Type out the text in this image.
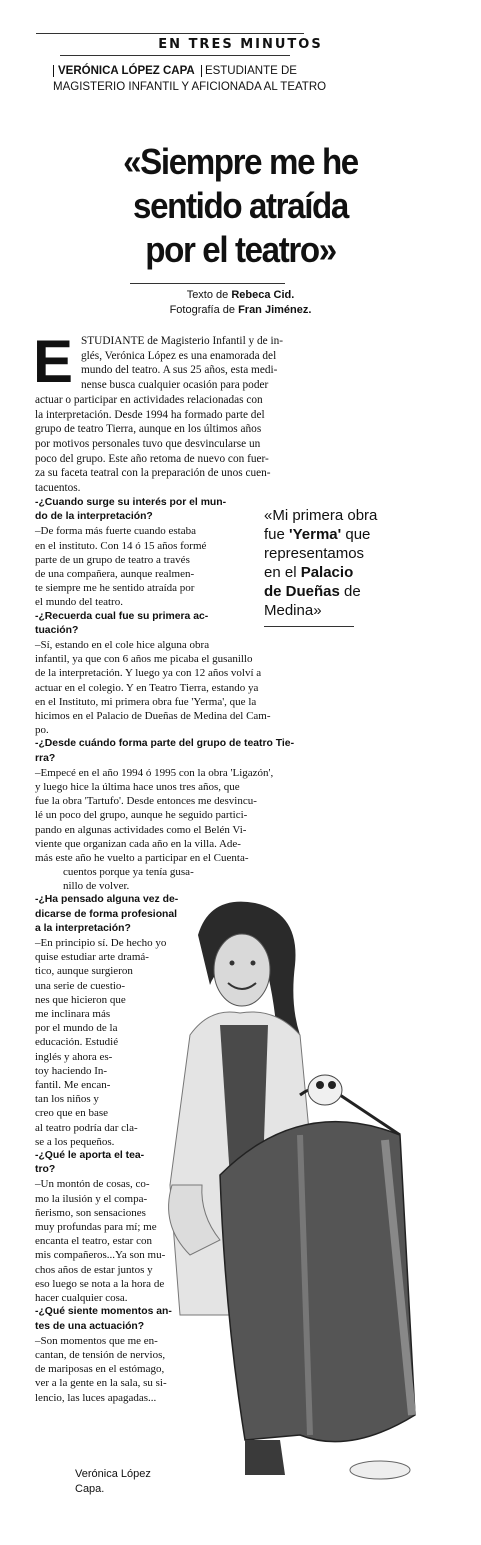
EN TRES MINUTOS
VERÓNICA LÓPEZ CAPA ESTUDIANTE DE
MAGISTERIO INFANTIL Y AFICIONADA AL TEATRO
«Siempre me he
sentido atraída
por el teatro»
Texto de Rebeca Cid.
Fotografía de Fran Jiménez.
E STUDIANTE de Magisterio Infantil y de in-
glés, Verónica López es una enamorada del
mundo del teatro. A sus 25 años, esta medi-
nense busca cualquier ocasión para poder
actuar o participar en actividades relacionadas con
la interpretación. Desde 1994 ha formado parte del
grupo de teatro Tierra, aunque en los últimos años
por motivos personales tuvo que desvincularse un
poco del grupo. Este año retoma de nuevo con fuer-
za su faceta teatral con la preparación de unos cuen-
tacuentos.
«Mi primera obra
fue 'Yerma' que
representamos
en el Palacio
de Dueñas de
Medina»
-¿Cuando surge su interés por el mun-
do de la interpretación?
–De forma más fuerte cuando estaba
en el instituto. Con 14 ó 15 años formé
parte de un grupo de teatro a través
de una compañera, aunque realmen-
te siempre me he sentido atraída por
el mundo del teatro.
-¿Recuerda cual fue su primera ac-
tuación?
–Sí, estando en el cole hice alguna obra
infantil, ya que con 6 años me picaba el gusanillo
de la interpretación. Y luego ya con 12 años volví a
actuar en el colegio. Y en Teatro Tierra, estando ya
en el Instituto, mi primera obra fue 'Yerma', que la
hicimos en el Palacio de Dueñas de Medina del Cam-
po.
-¿Desde cuándo forma parte del grupo de teatro Tie-
rra?
–Empecé en el año 1994 ó 1995 con la obra 'Ligazón',
y luego hice la última hace unos tres años, que
fue la obra 'Tartufo'. Desde entonces me desvincu-
lé un poco del grupo, aunque he seguido partici-
pando en algunas actividades como el Belén Vi-
viente que organizan cada año en la villa. Ade-
más este año he vuelto a participar en el Cuenta-
cuentos porque ya tenía gusa-
nillo de volver.
-¿Ha pensado alguna vez de-
dicarse de forma profesional
a la interpretación?
–En principio sí. De hecho yo
quise estudiar arte dramá-
tico, aunque surgieron
una serie de cuestio-
nes que hicieron que
me inclinara más
por el mundo de la
educación. Estudié
inglés y ahora es-
toy haciendo In-
fantil. Me encan-
tan los niños y
creo que en base
al teatro podría dar cla-
se a los pequeños.
-¿Qué le aporta el tea-
tro?
–Un montón de cosas, co-
mo la ilusión y el compa-
ñerismo, son sensaciones
muy profundas para mí; me
encanta el teatro, estar con
mis compañeros...Ya son mu-
chos años de estar juntos y
eso luego se nota a la hora de
hacer cualquier cosa.
-¿Qué siente momentos an-
tes de una actuación?
–Son momentos que me en-
cantan, de tensión de nervios,
de mariposas en el estómago,
ver a la gente en la sala, su si-
lencio, las luces apagadas...
Verónica López
Capa.
